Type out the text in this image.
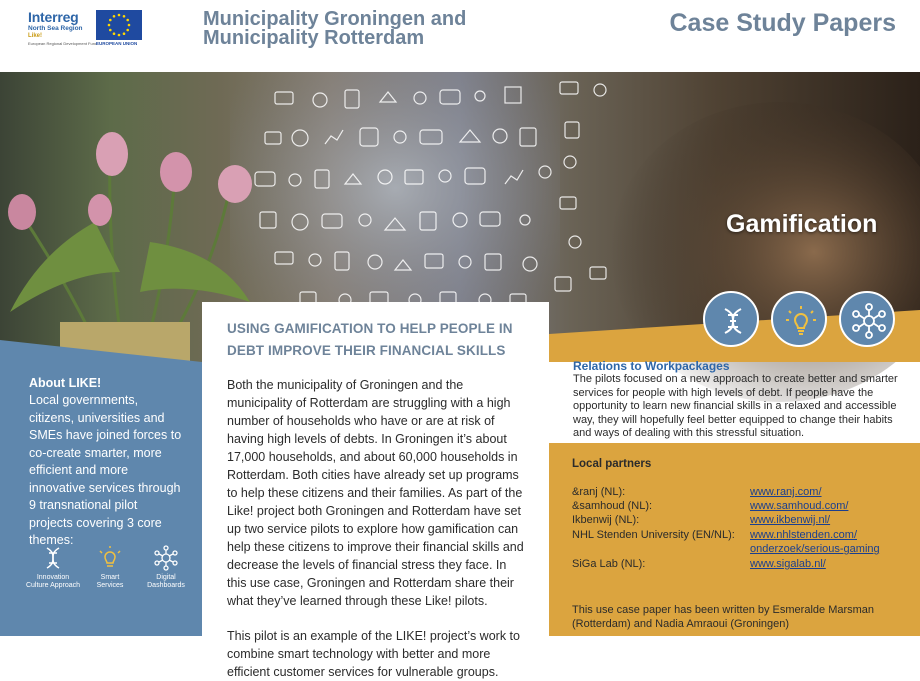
Interreg
North Sea Region
Like!
European Regional Development Fund
EUROPEAN UNION
Municipality Groningen and
Municipality Rotterdam
Case Study Papers
Gamification
About LIKE!
Local governments, citizens, universities and SMEs have joined forces to co-create smarter, more efficient and more innovative services through 9 transnational pilot projects covering 3 core themes:
Innovation
Culture Approach
Smart
Services
Digital
Dashboards
USING GAMIFICATION TO HELP PEOPLE IN
DEBT IMPROVE THEIR FINANCIAL SKILLS

Both the municipality of Groningen and the municipality of Rotterdam are struggling with a high number of households who have or are at risk of having high levels of debts. In Groningen it’s about 17,000 households, and about 60,000 households in Rotterdam. Both cities have already set up programs to help these citizens and their families. As part of the Like! project both Groningen and Rotterdam have set up two service pilots to explore how gamification can help these citizens to improve their financial skills and decrease the levels of financial stress they face. In this use case, Groningen and Rotterdam share their what they’ve learned through these Like! pilots.

This pilot is an example of the LIKE! project’s work to combine smart technology with better and more efficient customer services for vulnerable groups.

Relations to Workpackages
The pilots focused on a new approach to create better and smarter services for people with high levels of debt. If people have the opportunity to learn new financial skills in a relaxed and accessible way, they will hopefully feel better equipped to change their habits and ways of dealing with this stressful situation.
Local partners
&ranj (NL):	www.ranj.com/
&samhoud (NL):	www.samhoud.com/
Ikbenwij (NL):	www.ikbenwij.nl/
NHL Stenden University (EN/NL): www.nhlstenden.com/
onderzoek/serious-gaming
SiGa Lab (NL):	www.sigalab.nl/
This use case paper has been written by Esmeralde Marsman (Rotterdam) and Nadia Amraoui (Groningen)
